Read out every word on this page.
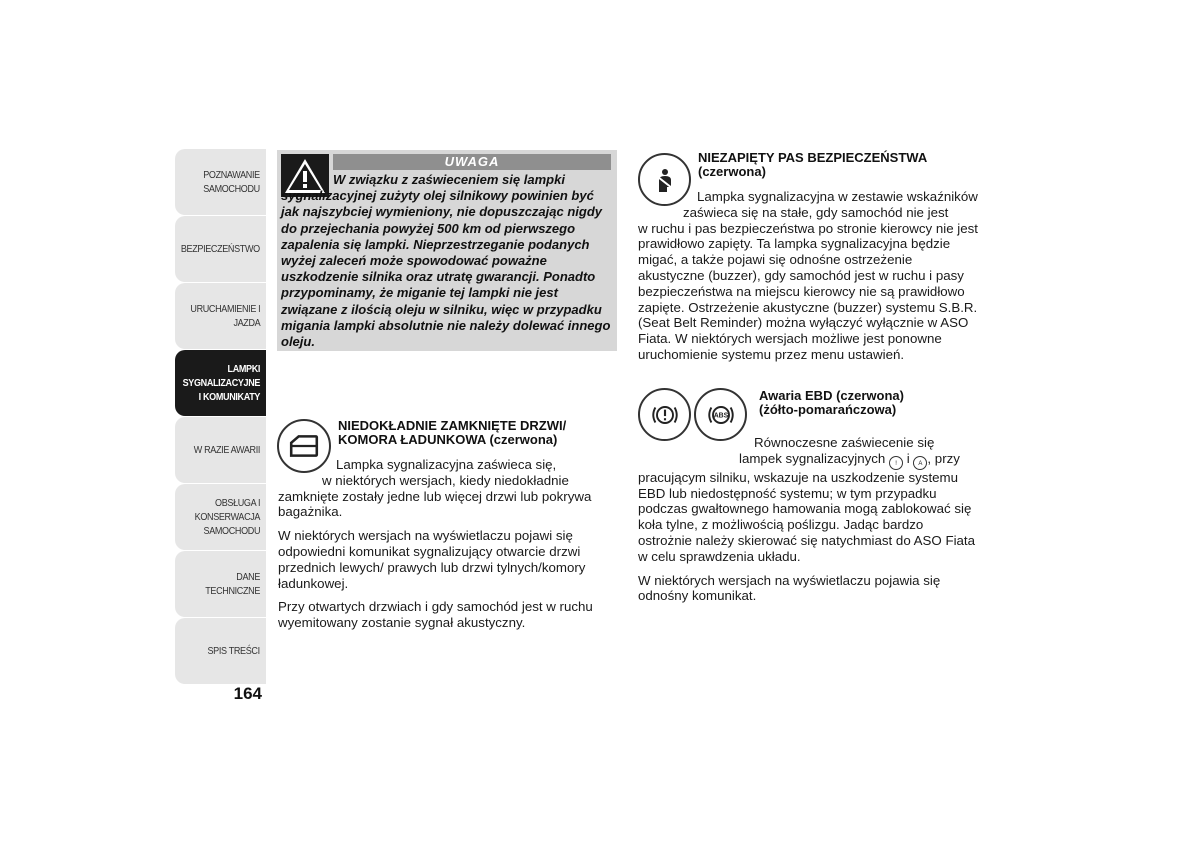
POZNAWANIE
SAMOCHODU
BEZPIECZEŃSTWO
URUCHAMIENIE I
JAZDA
LAMPKI
SYGNALIZACYJNE
I KOMUNIKATY
W RAZIE AWARII
OBSŁUGA I
KONSERWACJA
SAMOCHODU
DANE TECHNICZNE
SPIS TREŚCI
164
UWAGA

W związku z zaświeceniem się lampki sygnalizacyjnej zużyty olej silnikowy powinien być jak najszybciej wymieniony, nie dopuszczając nigdy do przejechania powyżej 500 km od pierwszego zapalenia się lampki. Nieprzestrzeganie podanych wyżej zaleceń może spowodować poważne uszkodzenie silnika oraz utratę gwarancji. Ponadto przypominamy, że miganie tej lampki nie jest związane z ilością oleju w silniku, więc w przypadku migania lampki absolutnie nie należy dolewać innego oleju.

NIEDOKŁADNIE ZAMKNIĘTE DRZWI/
KOMORA ŁADUNKOWA (czerwona)

Lampka sygnalizacyjna zaświeca się,
w niektórych wersjach, kiedy niedokładnie
zamknięte zostały jedne lub więcej drzwi lub pokrywa bagażnika.

W niektórych wersjach na wyświetlaczu pojawi się odpowiedni komunikat sygnalizujący otwarcie drzwi przednich lewych/ prawych lub drzwi tylnych/komory ładunkowej.

Przy otwartych drzwiach i gdy samochód jest w ruchu wyemitowany zostanie sygnał akustyczny.

NIEZAPIĘTY PAS BEZPIECZEŃSTWA
(czerwona)

Lampka sygnalizacyjna w zestawie wskaźników
zaświeca się na stałe, gdy samochód nie jest
w ruchu i pas bezpieczeństwa po stronie kierowcy nie jest prawidłowo zapięty. Ta lampka sygnalizacyjna będzie migać, a także pojawi się odnośne ostrzeżenie akustyczne (buzzer), gdy samochód jest w ruchu i pasy bezpieczeństwa na miejscu kierowcy nie są prawidłowo zapięte. Ostrzeżenie akustyczne (buzzer) systemu S.B.R. (Seat Belt Reminder) można wyłączyć wyłącznie w ASO Fiata. W niektórych wersjach możliwe jest ponowne uruchomienie systemu przez menu ustawień.

ABS
Awaria EBD (czerwona)
(żółto-pomarańczowa)

Równoczesne zaświecenie się
lampek sygnalizacyjnych ! i A , przy
pracującym silniku, wskazuje na uszkodzenie systemu EBD lub niedostępność systemu; w tym przypadku podczas gwałtownego hamowania mogą zablokować się koła tylne, z możliwością poślizgu. Jadąc bardzo ostrożnie należy skierować się natychmiast do ASO Fiata w celu sprawdzenia układu.

W niektórych wersjach na wyświetlaczu pojawia się odnośny komunikat.
